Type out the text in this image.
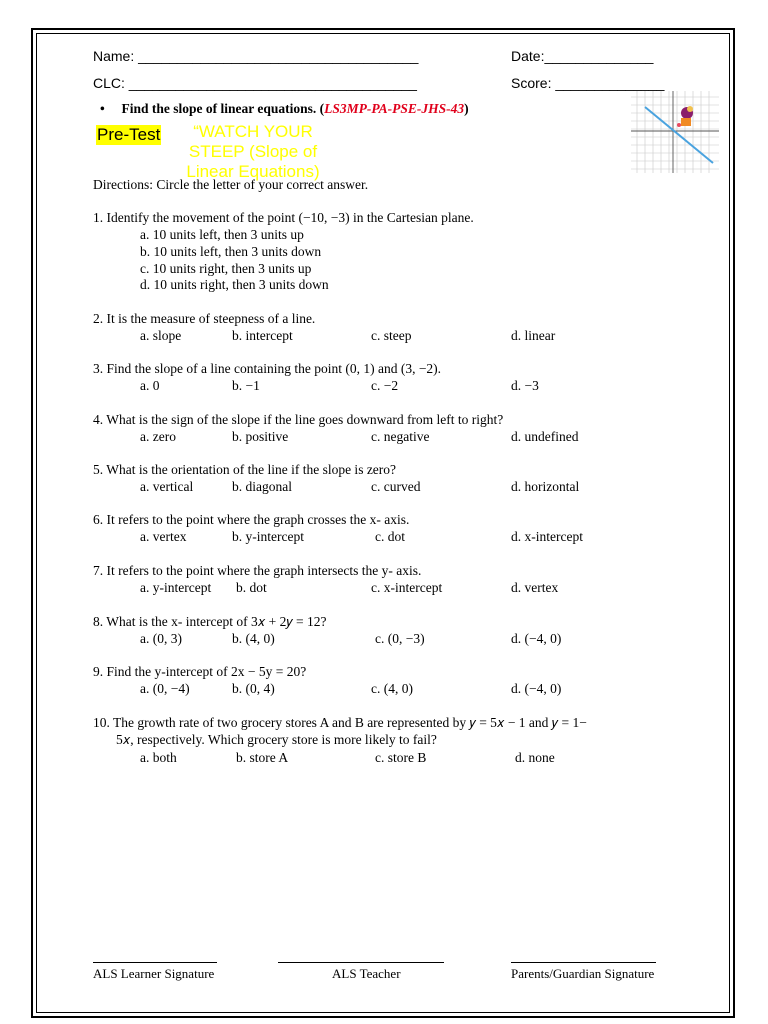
Name: ____________________________________	Date:______________
CLC: _____________________________________	Score: ______________
• Find the slope of linear equations. (LS3MP-PA-PSE-JHS-43)
Pre-Test	“WATCH YOUR STEEP (Slope of Linear Equations)
Directions: Circle the letter of your correct answer.
1. Identify the movement of the point (−10, −3) in the Cartesian plane.
a. 10 units left, then 3 units up
b. 10 units left, then 3 units down
c. 10 units right, then 3 units up
d. 10 units right, then 3 units down
2. It is the measure of steepness of a line.
a. slope	b. intercept	c. steep	d. linear
3. Find the slope of a line containing the point (0, 1) and (3, −2).
a. 0	b. −1	c. −2	d. −3
4. What is the sign of the slope if the line goes downward from left to right?
a. zero	b. positive	c. negative	d. undefined
5. What is the orientation of the line if the slope is zero?
a. vertical	b. diagonal	c. curved	d. horizontal
6. It refers to the point where the graph crosses the x- axis.
a. vertex	b. y-intercept	c. dot	d. x-intercept
7. It refers to the point where the graph intersects the y- axis.
a. y-intercept b. dot	c. x-intercept	d. vertex
8. What is the x- intercept of 3𝑥 + 2𝑦 = 12?
a. (0, 3)	b. (4, 0)	c. (0, −3)	d. (−4, 0)
9. Find the y-intercept of 2x − 5y = 20?
a. (0, −4)	b. (0, 4)	c. (4, 0)	d. (−4, 0)
10. The growth rate of two grocery stores A and B are represented by 𝑦 = 5𝑥 − 1 and 𝑦 = 1−
5𝑥, respectively. Which grocery store is more likely to fail?
a. both	b. store A	c. store B	d. none
ALS Learner Signature	ALS Teacher	Parents/Guardian Signature
